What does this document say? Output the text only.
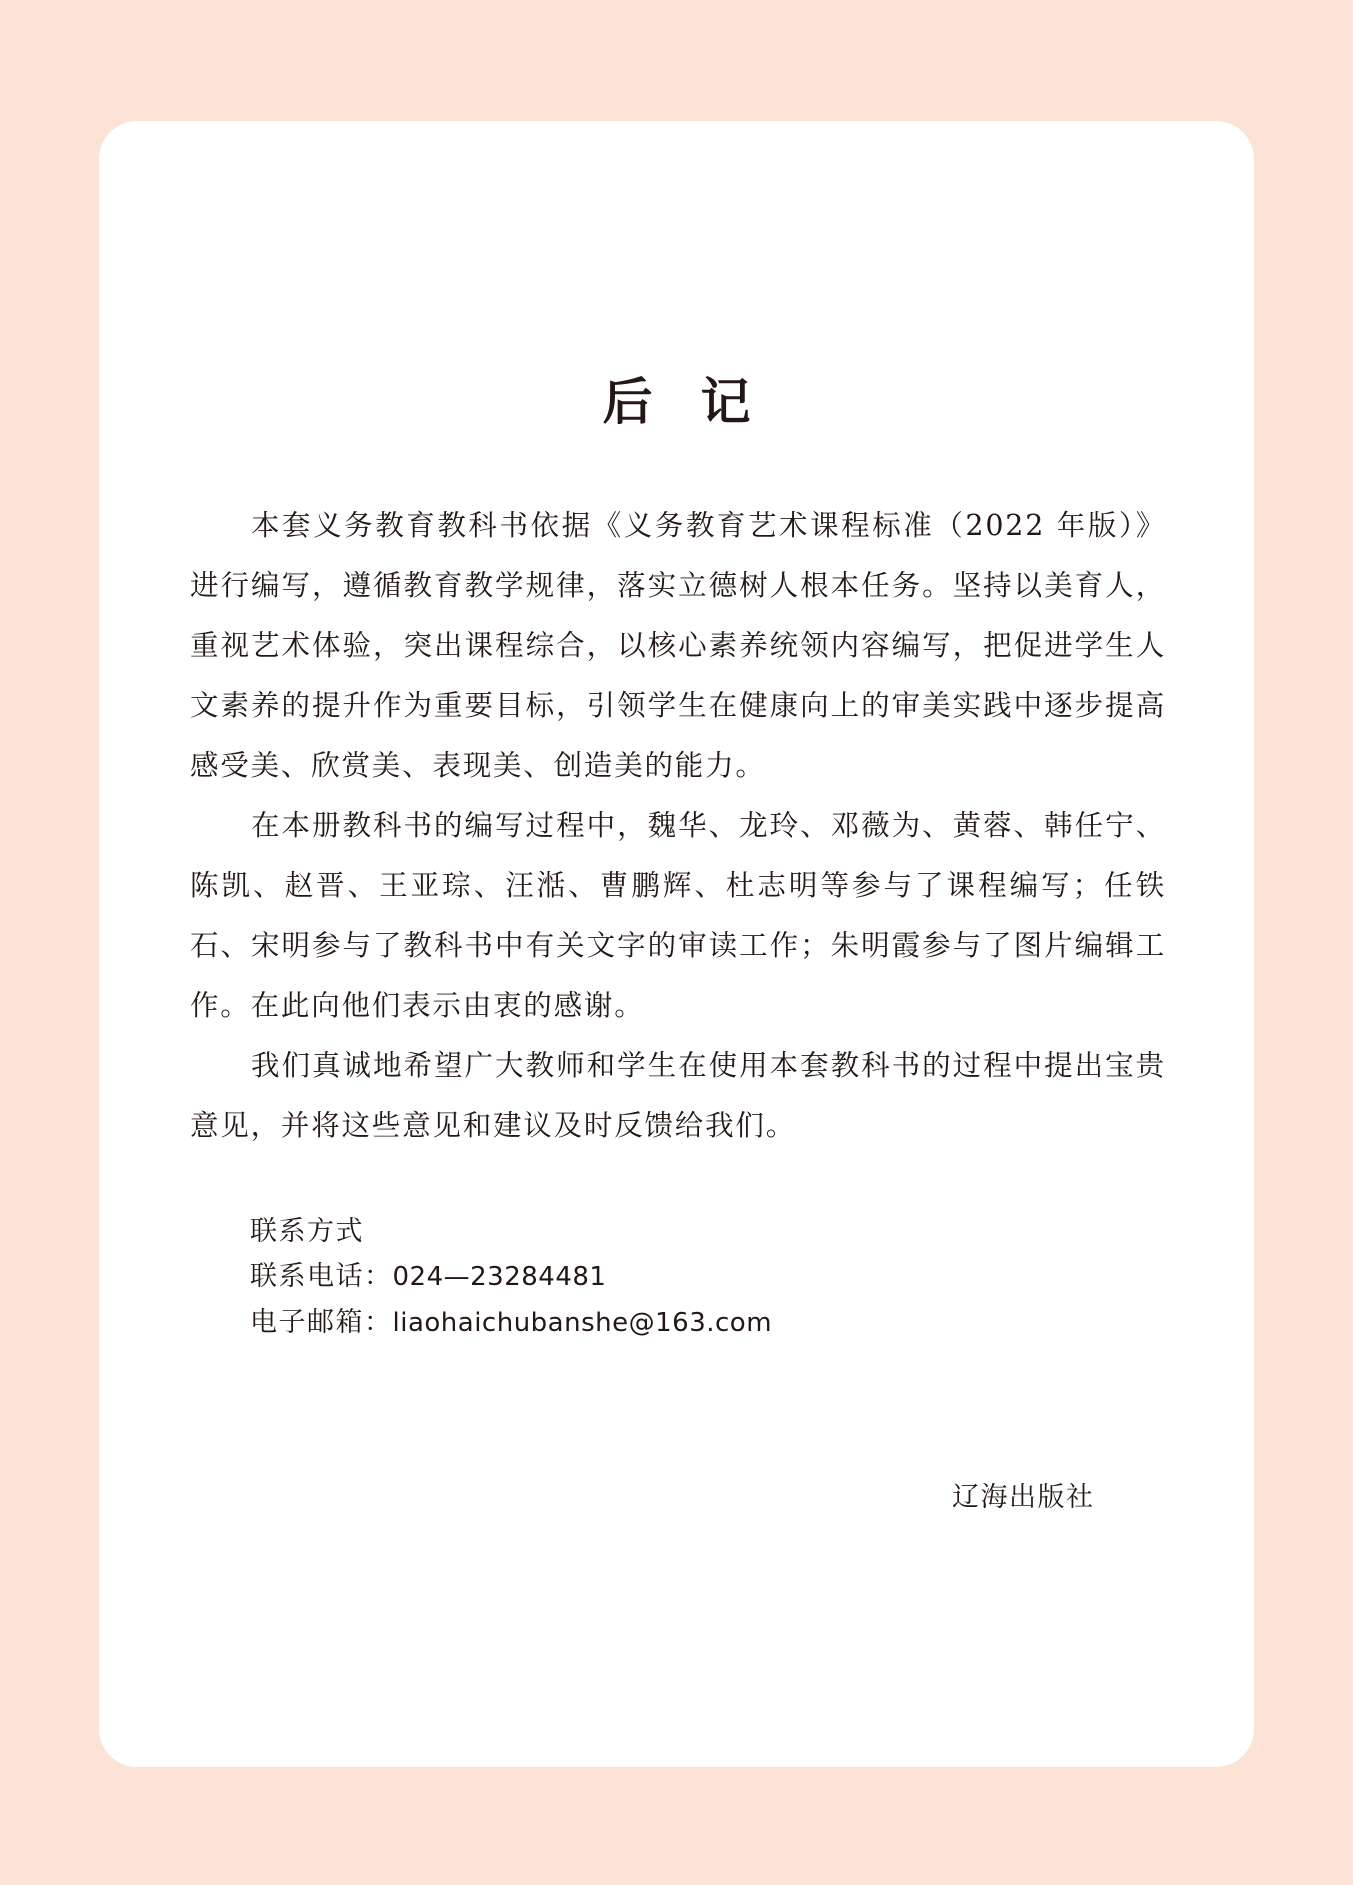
后记

本套义务教育教科书依据《义务教育艺术课程标准（2022 年版）》进行编写，遵循教育教学规律，落实立德树人根本任务。坚持以美育人，重视艺术体验，突出课程综合，以核心素养统领内容编写，把促进学生人文素养的提升作为重要目标，引领学生在健康向上的审美实践中逐步提高感受美、欣赏美、表现美、创造美的能力。

在本册教科书的编写过程中，魏华、龙玲、邓薇为、黄蓉、韩任宁、陈凯、赵晋、王亚琮、汪湉、曹鹏辉、杜志明等参与了课程编写；任铁石、宋明参与了教科书中有关文字的审读工作；朱明霞参与了图片编辑工作。在此向他们表示由衷的感谢。

我们真诚地希望广大教师和学生在使用本套教科书的过程中提出宝贵意见，并将这些意见和建议及时反馈给我们。

联系方式
联系电话：024—23284481
电子邮箱：liaohaichubanshe@163.com
辽海出版社
